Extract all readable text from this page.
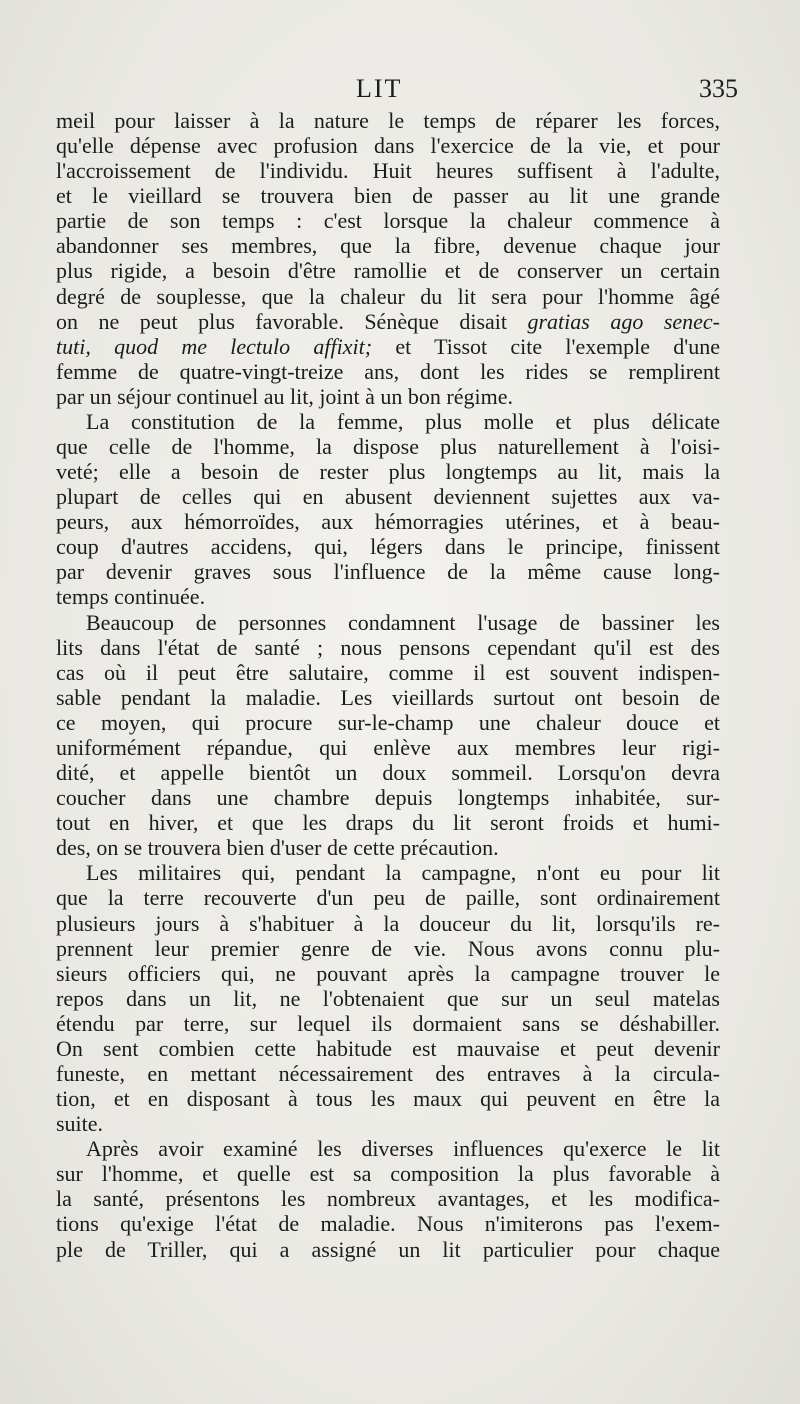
LIT	335
meil pour laisser à la nature le temps de réparer les forces,
qu'elle dépense avec profusion dans l'exercice de la vie, et pour
l'accroissement de l'individu. Huit heures suffisent à l'adulte,
et le vieillard se trouvera bien de passer au lit une grande
partie de son temps : c'est lorsque la chaleur commence à
abandonner ses membres, que la fibre, devenue chaque jour
plus rigide, a besoin d'être ramollie et de conserver un certain
degré de souplesse, que la chaleur du lit sera pour l'homme âgé
on ne peut plus favorable. Sénèque disait gratias ago senec-
tuti, quod me lectulo affixit; et Tissot cite l'exemple d'une
femme de quatre-vingt-treize ans, dont les rides se remplirent
par un séjour continuel au lit, joint à un bon régime.
La constitution de la femme, plus molle et plus délicate
que celle de l'homme, la dispose plus naturellement à l'oisi-
veté; elle a besoin de rester plus longtemps au lit, mais la
plupart de celles qui en abusent deviennent sujettes aux va-
peurs, aux hémorroïdes, aux hémorragies utérines, et à beau-
coup d'autres accidens, qui, légers dans le principe, finissent
par devenir graves sous l'influence de la même cause long-
temps continuée.
Beaucoup de personnes condamnent l'usage de bassiner les
lits dans l'état de santé ; nous pensons cependant qu'il est des
cas où il peut être salutaire, comme il est souvent indispen-
sable pendant la maladie. Les vieillards surtout ont besoin de
ce moyen, qui procure sur-le-champ une chaleur douce et
uniformément répandue, qui enlève aux membres leur rigi-
dité, et appelle bientôt un doux sommeil. Lorsqu'on devra
coucher dans une chambre depuis longtemps inhabitée, sur-
tout en hiver, et que les draps du lit seront froids et humi-
des, on se trouvera bien d'user de cette précaution.
Les militaires qui, pendant la campagne, n'ont eu pour lit
que la terre recouverte d'un peu de paille, sont ordinairement
plusieurs jours à s'habituer à la douceur du lit, lorsqu'ils re-
prennent leur premier genre de vie. Nous avons connu plu-
sieurs officiers qui, ne pouvant après la campagne trouver le
repos dans un lit, ne l'obtenaient que sur un seul matelas
étendu par terre, sur lequel ils dormaient sans se déshabiller.
On sent combien cette habitude est mauvaise et peut devenir
funeste, en mettant nécessairement des entraves à la circula-
tion, et en disposant à tous les maux qui peuvent en être la
suite.
Après avoir examiné les diverses influences qu'exerce le lit
sur l'homme, et quelle est sa composition la plus favorable à
la santé, présentons les nombreux avantages, et les modifica-
tions qu'exige l'état de maladie. Nous n'imiterons pas l'exem-
ple de Triller, qui a assigné un lit particulier pour chaque
